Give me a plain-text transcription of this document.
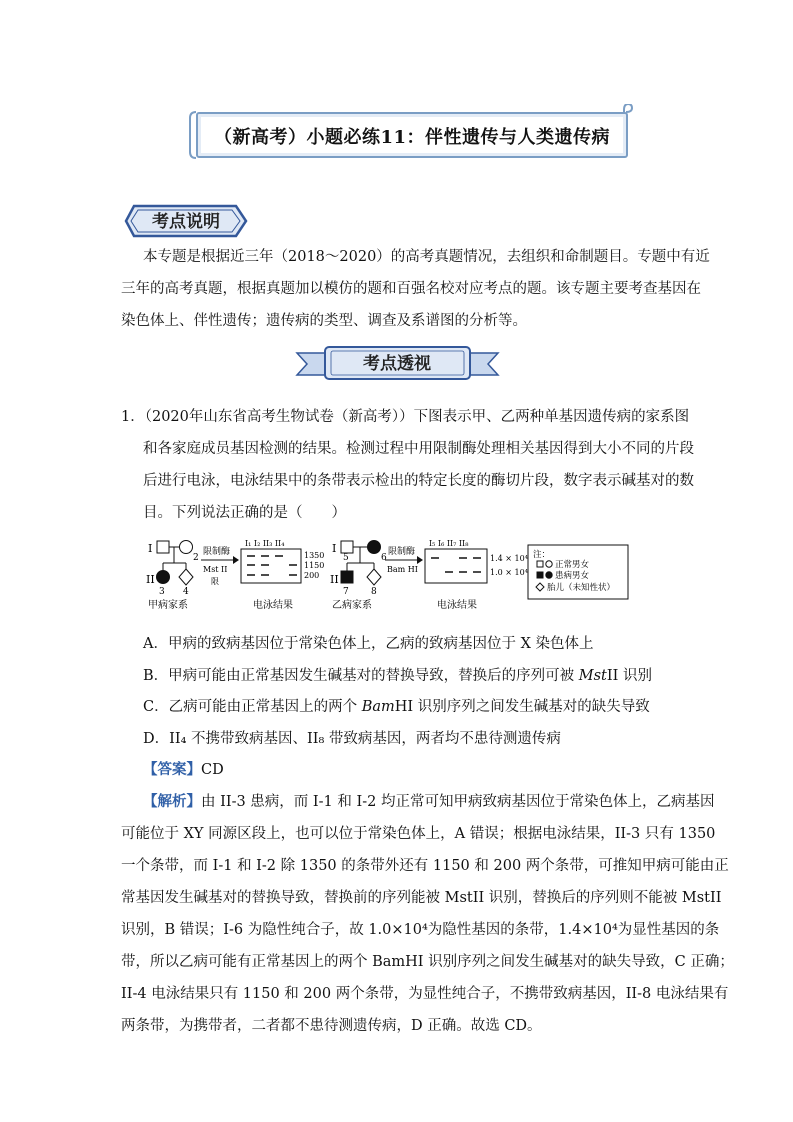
（新高考）小题必练11：伴性遗传与人类遗传病
考点说明
本专题是根据近三年（2018～2020）的高考真题情况，去组织和命制题目。专题中有近
三年的高考真题，根据真题加以模仿的题和百强名校对应考点的题。该专题主要考查基因在
染色体上、伴性遗传；遗传病的类型、调查及系谱图的分析等。
考点透视
1．（2020年山东省高考生物试卷（新高考））下图表示甲、乙两种单基因遗传病的家系图
和各家庭成员基因检测的结果。检测过程中用限制酶处理相关基因得到大小不同的片段
后进行电泳，电泳结果中的条带表示检出的特定长度的酶切片段，数字表示碱基对的数
目。下列说法正确的是（　　）
I
II
2
3 4
甲病家系
限制酶
Mst II
限
I₁ I₂ II₃ II₄
1350
1150
200
电泳结果
I
II
5	6
7 8
乙病家系
限制酶
Bam HI
I₅ I₆ II₇ II₈
1.4 × 10⁴
1.0 × 10⁴
电泳结果
注：
正常男女
患病男女
胎儿（未知性状）
A．甲病的致病基因位于常染色体上，乙病的致病基因位于 X 染色体上
B．甲病可能由正常基因发生碱基对的替换导致，替换后的序列可被 MstII 识别
C．乙病可能由正常基因上的两个 BamHI 识别序列之间发生碱基对的缺失导致
D．II₄ 不携带致病基因、II₈ 带致病基因，两者均不患待测遗传病
【答案】CD
【解析】由 II-3 患病，而 I-1 和 I-2 均正常可知甲病致病基因位于常染色体上，乙病基因
可能位于 XY 同源区段上，也可以位于常染色体上，A 错误；根据电泳结果，II-3 只有 1350
一个条带，而 I-1 和 I-2 除 1350 的条带外还有 1150 和 200 两个条带，可推知甲病可能由正
常基因发生碱基对的替换导致，替换前的序列能被 MstII 识别，替换后的序列则不能被 MstII
识别，B 错误；I-6 为隐性纯合子，故 1.0×10⁴为隐性基因的条带，1.4×10⁴为显性基因的条
带，所以乙病可能有正常基因上的两个 BamHI 识别序列之间发生碱基对的缺失导致，C 正确；
II-4 电泳结果只有 1150 和 200 两个条带，为显性纯合子，不携带致病基因，II-8 电泳结果有
两条带，为携带者，二者都不患待测遗传病，D 正确。故选 CD。
